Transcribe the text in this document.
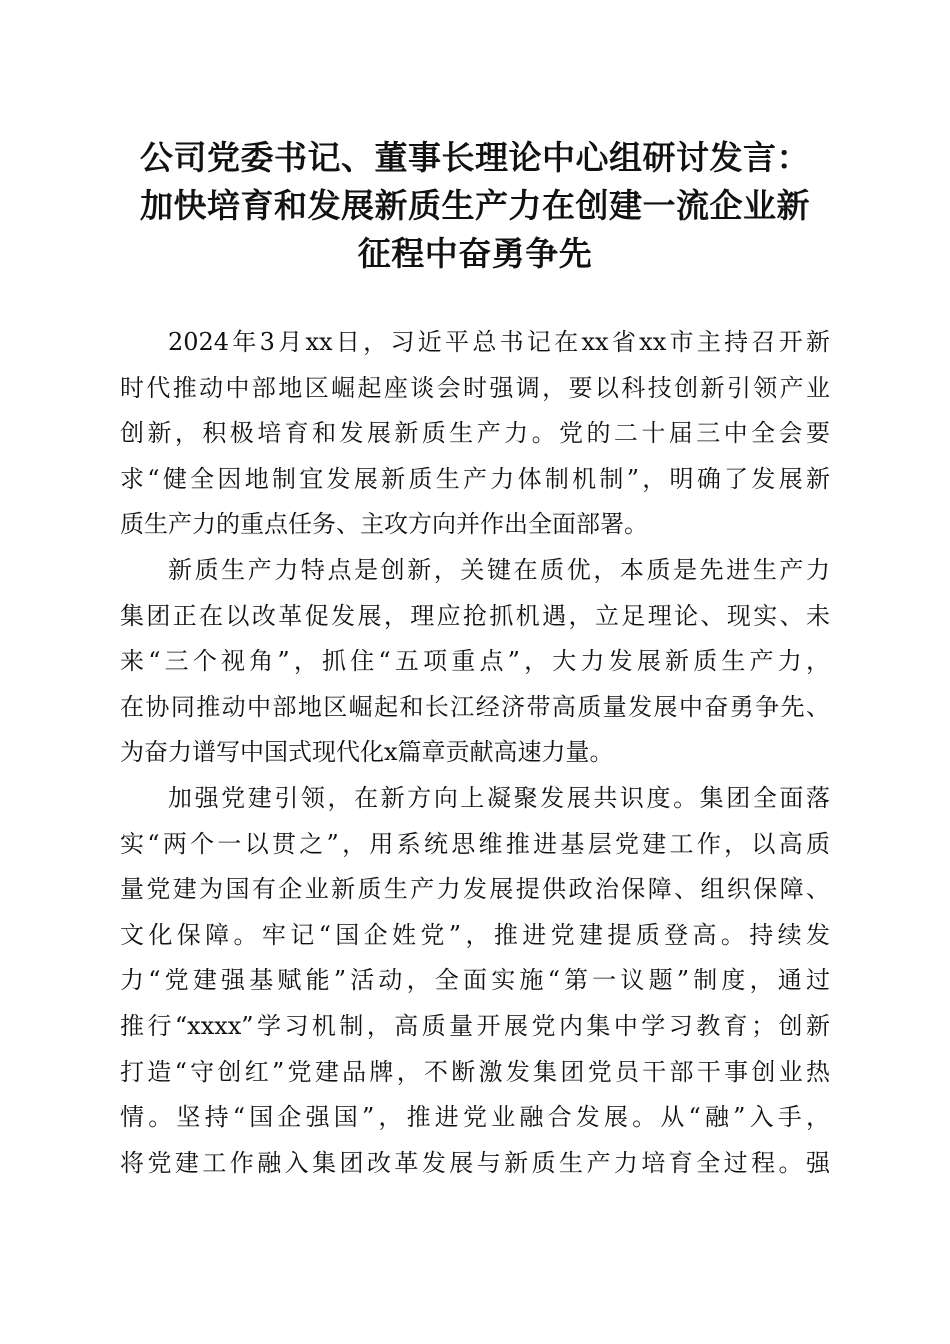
公司党委书记、董事长理论中心组研讨发言：
加快培育和发展新质生产力在创建一流企业新
征程中奋勇争先
2024年3月xx日，习近平总书记在xx省xx市主持召开新
时代推动中部地区崛起座谈会时强调，要以科技创新引领产业
创新，积极培育和发展新质生产力。党的二十届三中全会要
求“健全因地制宜发展新质生产力体制机制”，明确了发展新
质生产力的重点任务、主攻方向并作出全面部署。
新质生产力特点是创新，关键在质优，本质是先进生产力
集团正在以改革促发展，理应抢抓机遇，立足理论、现实、未
来“三个视角”，抓住“五项重点”，大力发展新质生产力，
在协同推动中部地区崛起和长江经济带高质量发展中奋勇争先、
为奋力谱写中国式现代化x篇章贡献高速力量。
加强党建引领，在新方向上凝聚发展共识度。集团全面落
实“两个一以贯之”，用系统思维推进基层党建工作，以高质
量党建为国有企业新质生产力发展提供政治保障、组织保障、
文化保障。牢记“国企姓党”，推进党建提质登高。持续发
力“党建强基赋能”活动，全面实施“第一议题”制度，通过
推行“xxxx”学习机制，高质量开展党内集中学习教育；创新
打造“守创红”党建品牌，不断激发集团党员干部干事创业热
情。坚持“国企强国”，推进党业融合发展。从“融”入手，
将党建工作融入集团改革发展与新质生产力培育全过程。强
